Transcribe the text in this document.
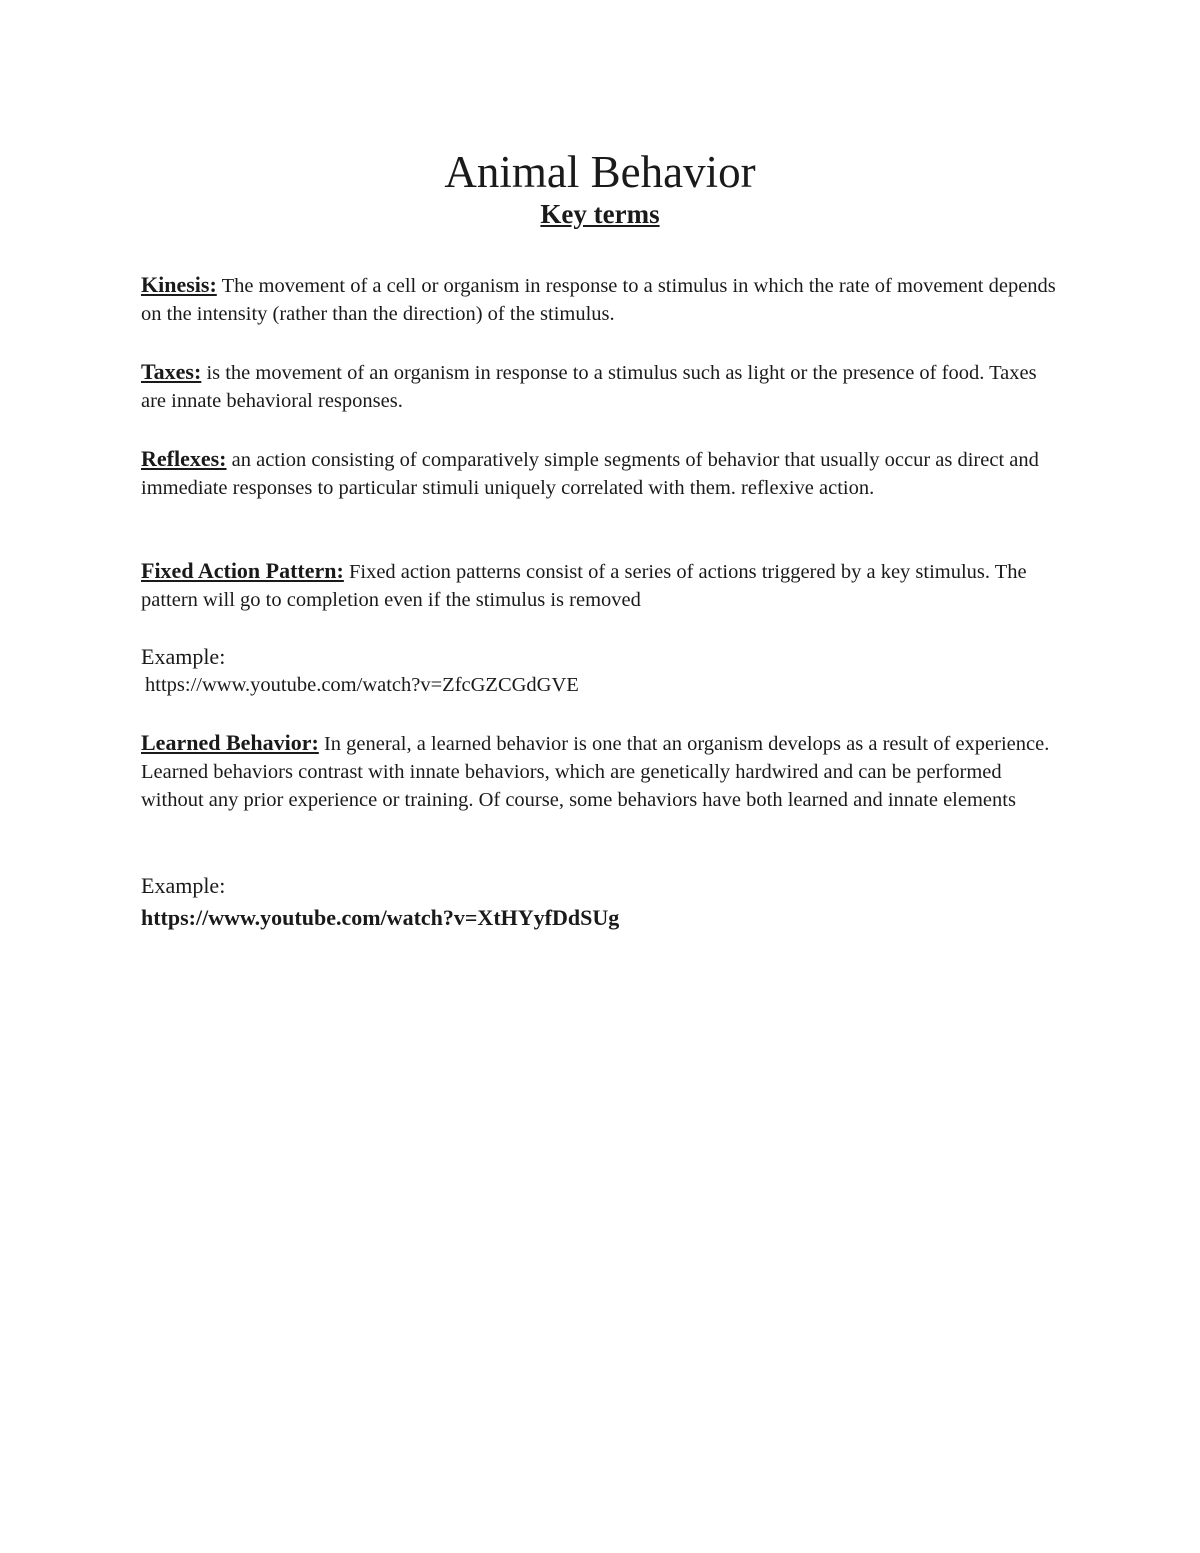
Animal Behavior
Key terms

Kinesis: The movement of a cell or organism in response to a stimulus in which the rate of movement depends on the intensity (rather than the direction) of the stimulus.

Taxes: is the movement of an organism in response to a stimulus such as light or the presence of food. Taxes are innate behavioral responses.

Reflexes: an action consisting of comparatively simple segments of behavior that usually occur as direct and immediate responses to particular stimuli uniquely correlated with them. reflexive action.

Fixed Action Pattern: Fixed action patterns consist of a series of actions triggered by a key stimulus. The pattern will go to completion even if the stimulus is removed

Example:

https://www.youtube.com/watch?v=ZfcGZCGdGVE

Learned Behavior: In general, a learned behavior is one that an organism develops as a result of experience. Learned behaviors contrast with innate behaviors, which are genetically hardwired and can be performed without any prior experience or training. Of course, some behaviors have both learned and innate elements

Example:

https://www.youtube.com/watch?v=XtHYyfDdSUg
